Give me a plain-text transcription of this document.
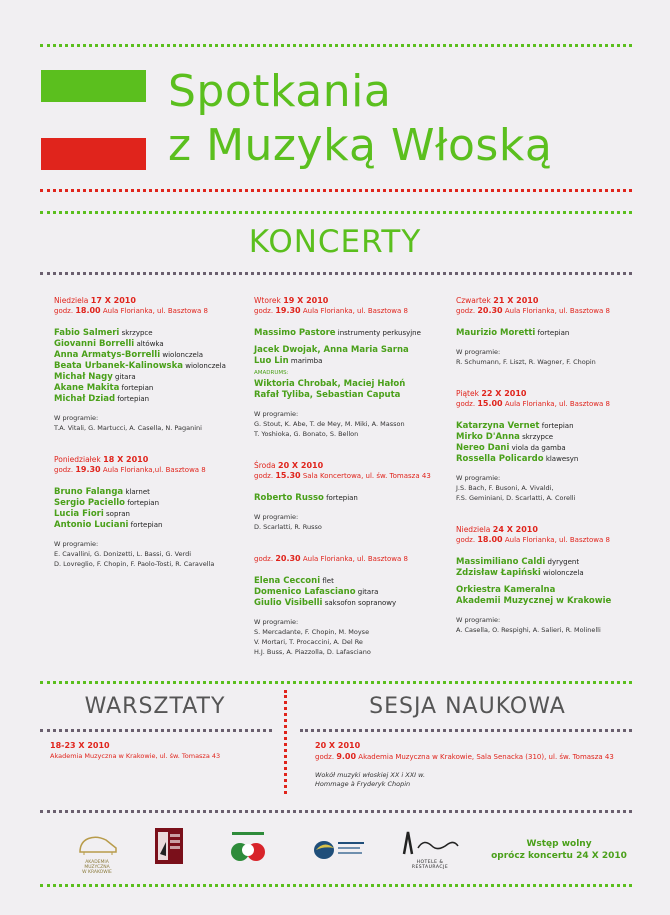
Spotkania
z Muzyką Włoską
KONCERTY
Niedziela 17 X 2010
godz. 18.00 Aula Florianka, ul. Basztowa 8
Fabio Salmeri skrzypce
Giovanni Borrelli altówka
Anna Armatys-Borrelli wiolonczela
Beata Urbanek-Kalinowska wiolonczela
Michał Nagy gitara
Akane Makita fortepian
Michał Dziad fortepian
W programie:
T.A. Vitali, G. Martucci, A. Casella, N. Paganini
Poniedziałek 18 X 2010
godz. 19.30 Aula Florianka,ul. Basztowa 8
Bruno Falanga klarnet
Sergio Paciello fortepian
Lucia Fiori sopran
Antonio Luciani fortepian
W programie:
E. Cavallini, G. Donizetti, L. Bassi, G. Verdi
D. Lovreglio, F. Chopin, F. Paolo-Tosti, R. Caravella
Wtorek 19 X 2010
godz. 19.30 Aula Florianka, ul. Basztowa 8
Massimo Pastore instrumenty perkusyjne
Jacek Dwojak, Anna Maria Sarna
Luo Lin marimba
AMADRUMS:
Wiktoria Chrobak, Maciej Hałoń
Rafał Tyliba, Sebastian Caputa
W programie:
G. Stout, K. Abe, T. de Mey, M. Miki, A. Masson
T. Yoshioka, G. Bonato, S. Bellon
Środa 20 X 2010
godz. 15.30 Sala Koncertowa, ul. św. Tomasza 43
Roberto Russo fortepian
W programie:
D. Scarlatti, R. Russo
godz. 20.30 Aula Florianka, ul. Basztowa 8
Elena Cecconi flet
Domenico Lafasciano gitara
Giulio Visibelli saksofon sopranowy
W programie:
S. Mercadante, F. Chopin, M. Moyse
V. Mortari, T. Procaccini, A. Del Re
H.J. Buss, A. Piazzolla, D. Lafasciano
Czwartek 21 X 2010
godz. 20.30 Aula Florianka, ul. Basztowa 8
Maurizio Moretti fortepian
W programie:
R. Schumann, F. Liszt, R. Wagner, F. Chopin
Piątek 22 X 2010
godz. 15.00 Aula Florianka, ul. Basztowa 8
Katarzyna Vernet fortepian
Mirko D'Anna skrzypce
Nereo Dani viola da gamba
Rossella Policardo klawesyn
W programie:
J.S. Bach, F. Busoni, A. Vivaldi,
F.S. Geminiani, D. Scarlatti, A. Corelli
Niedziela 24 X 2010
godz. 18.00 Aula Florianka, ul. Basztowa 8
Massimiliano Caldi dyrygent
Zdzisław Łapiński wiolonczela
Orkiestra Kameralna
Akademii Muzycznej w Krakowie
W programie:
A. Casella, O. Respighi, A. Salieri, R. Molinelli
WARSZTATY	SESJA NAUKOWA
18-23 X 2010
Akademia Muzyczna w Krakowie, ul. św. Tomasza 43
20 X 2010
godz. 9.00 Akademia Muzyczna w Krakowie, Sala Senacka (310), ul. św. Tomasza 43
Wokół muzyki włoskiej XX i XXI w.
Hommage à Fryderyk Chopin
AKADEMIA
MUZYCZNA
W KRAKOWIE
HOTELE & RESTAURACJE
Wstęp wolny
oprócz koncertu 24 X 2010
